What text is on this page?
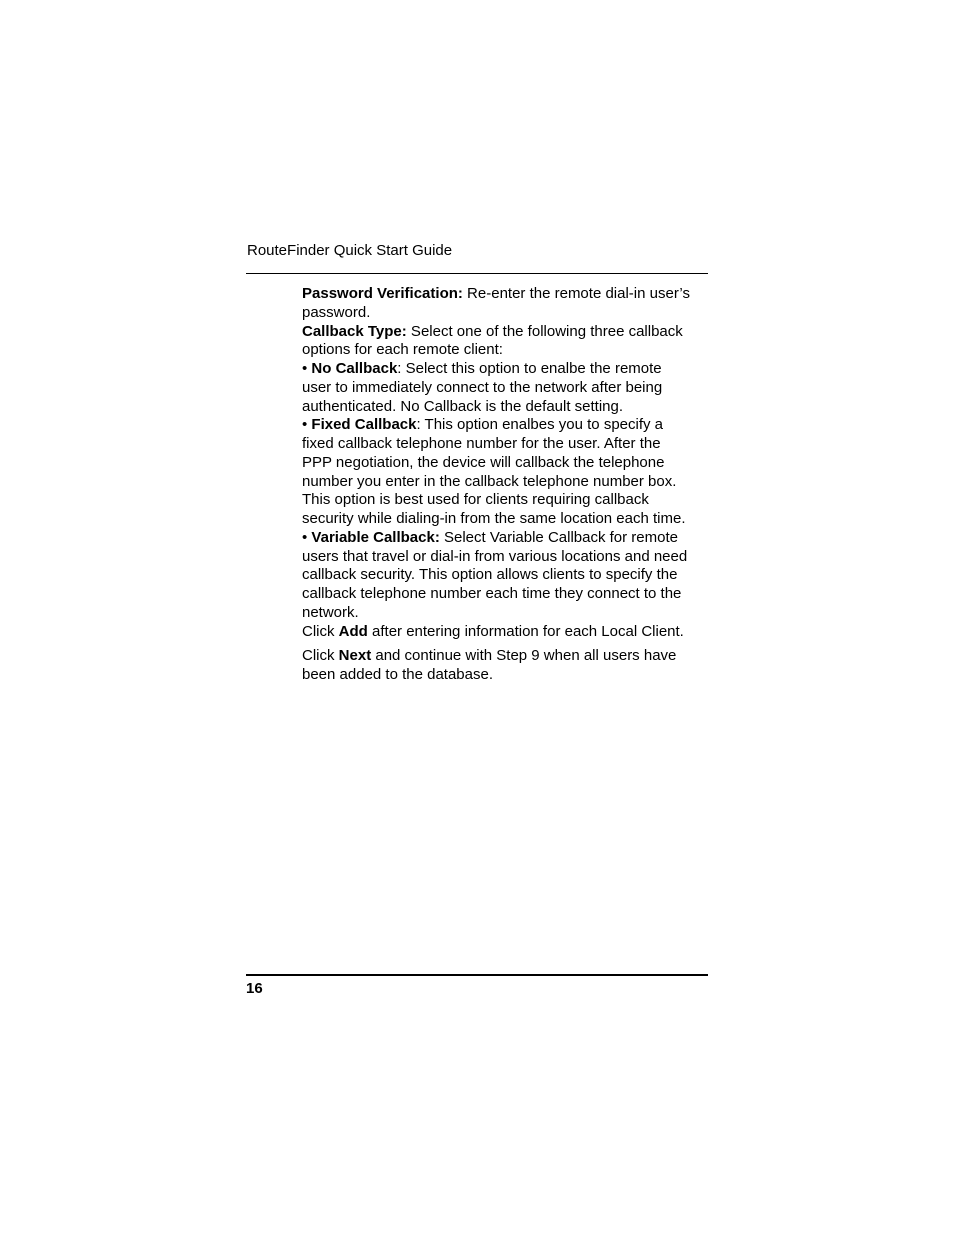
RouteFinder Quick Start Guide

Password Verification: Re-enter the remote dial-in user’s

password.

Callback Type: Select one of the following three callback

options for each remote client:

• No Callback: Select this option to enalbe the remote

user to immediately connect to the network after being

authenticated. No Callback is the default setting.

• Fixed Callback: This option enalbes you to specify a

fixed callback telephone number for the user. After the

PPP negotiation, the device will callback the telephone

number you enter in the callback telephone number box.

This option is best used for clients requiring callback

security while dialing-in from the same location each time.

• Variable Callback: Select Variable Callback for remote

users that travel or dial-in from various locations and need

callback security. This option allows clients to specify the

callback telephone number each time they connect to the

network.

Click Add after entering information for each Local Client.

Click Next and continue with Step 9 when all users have

been added to the database.

16
